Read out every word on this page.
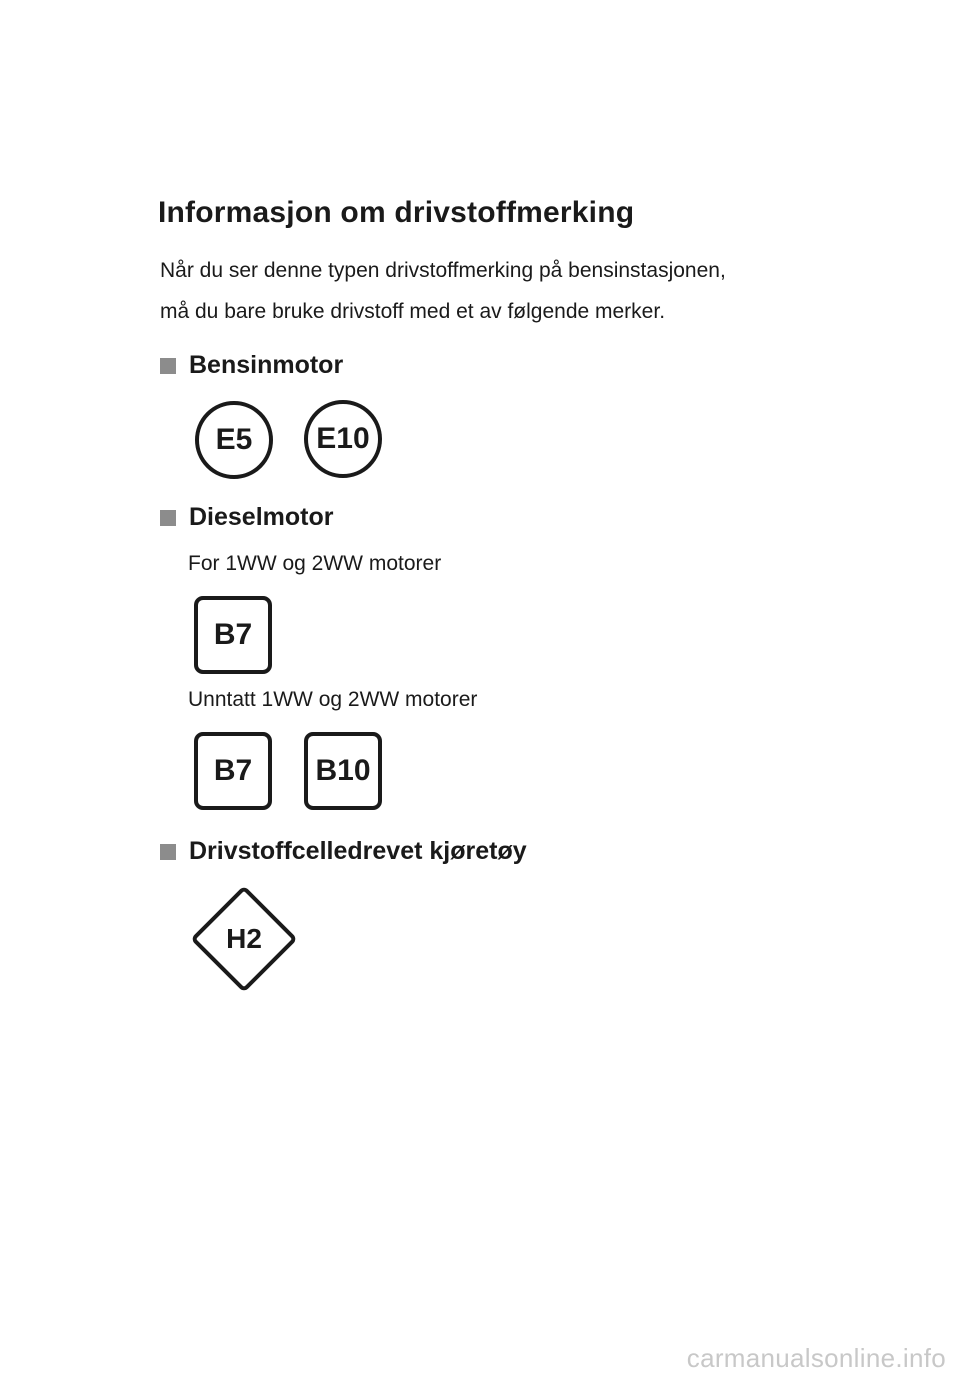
Informasjon om drivstoffmerking

Når du ser denne typen drivstoffmerking på bensinstasjonen,

må du bare bruke drivstoff med et av følgende merker.

Bensinmotor
E5	E10
Dieselmotor

For 1WW og 2WW motorer

B7

Unntatt 1WW og 2WW motorer

B7	B10
Drivstoffcelledrevet kjøretøy
H2
carmanualsonline.info
